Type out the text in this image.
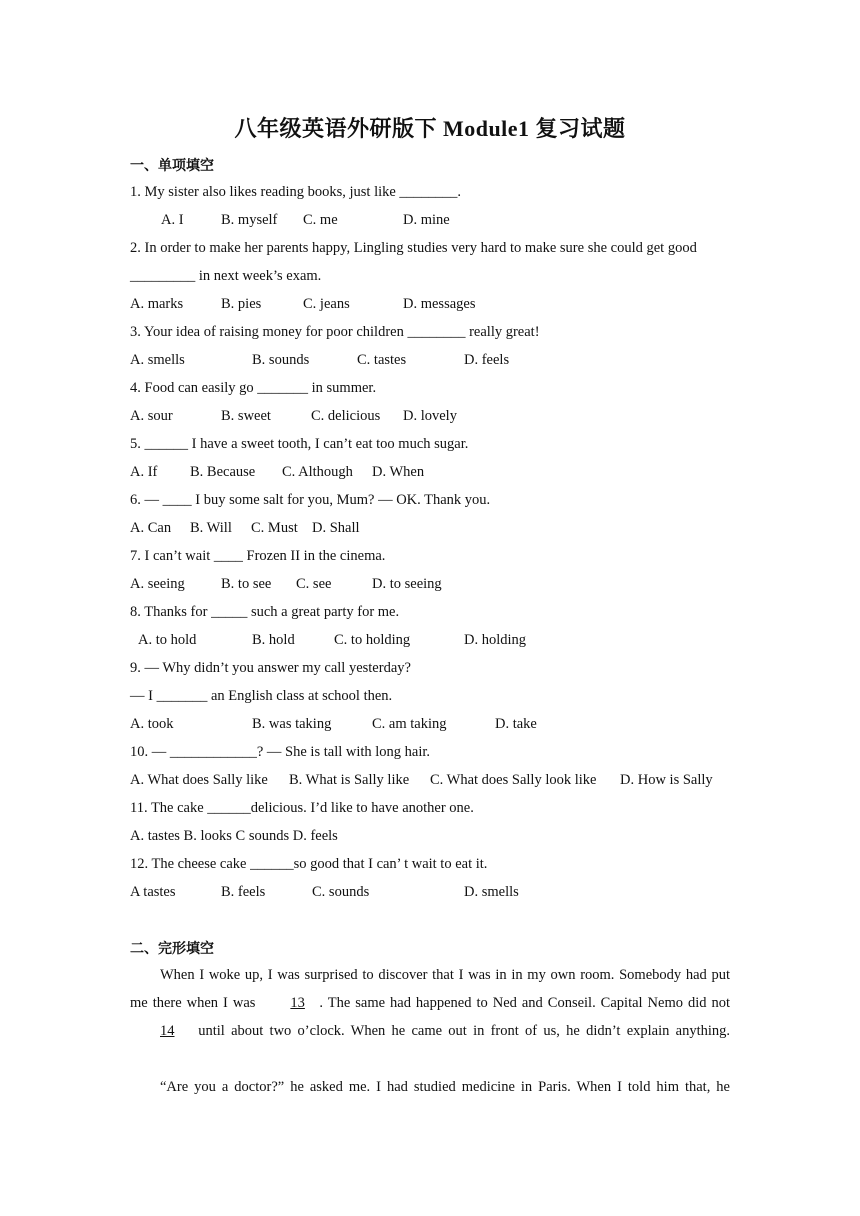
八年级英语外研版下 Module1 复习试题
一、单项填空
1. My sister also likes reading books, just like ________.
A. I	B. myself C. me	D. mine
2. In order to make her parents happy, Lingling studies very hard to make sure she could get good
_________ in next week’s exam.
A. marks	B. pies	C. jeans	D. messages
3. Your idea of raising money for poor children ________ really great!
A. smells	B. sounds	C. tastes	D. feels
4. Food can easily go _______ in summer.
A. sour	B. sweet	C. delicious D. lovely
5. ______ I have a sweet tooth, I can’t eat too much sugar.
A. If B. Because C. Although D. When
6. — ____ I buy some salt for you, Mum? — OK. Thank you.
A. Can B. Will C. Must D. Shall
7. I can’t wait ____ Frozen II in the cinema.
A. seeing B. to see C. see	D. to seeing
8. Thanks for _____ such a great party for me.
A. to hold	B. hold	C. to holding	D. holding
9. — Why didn’t you answer my call yesterday?
— I _______ an English class at school then.
A. took	B. was taking	C. am taking	D. take
10. — ____________? — She is tall with long hair.
A. What does Sally like B. What is Sally like C. What does Sally look like D. How is Sally
11. The cake ______delicious. I’d like to have another one.
A. tastes B. looks C sounds D. feels
12. The cheese cake ______so good that I can’ t wait to eat it.
A tastes	B. feels	C. sounds	D. smells
二、完形填空
When I woke up, I was surprised to discover that I was in in my own room. Somebody had put me there when I was 13 . The same had happened to Ned and Conseil. Capital Nemo did not 14 until about two o’clock. When he came out in front of us, he didn’t explain anything.
“Are you a doctor?” he asked me. I had studied medicine in Paris. When I told him that, he
